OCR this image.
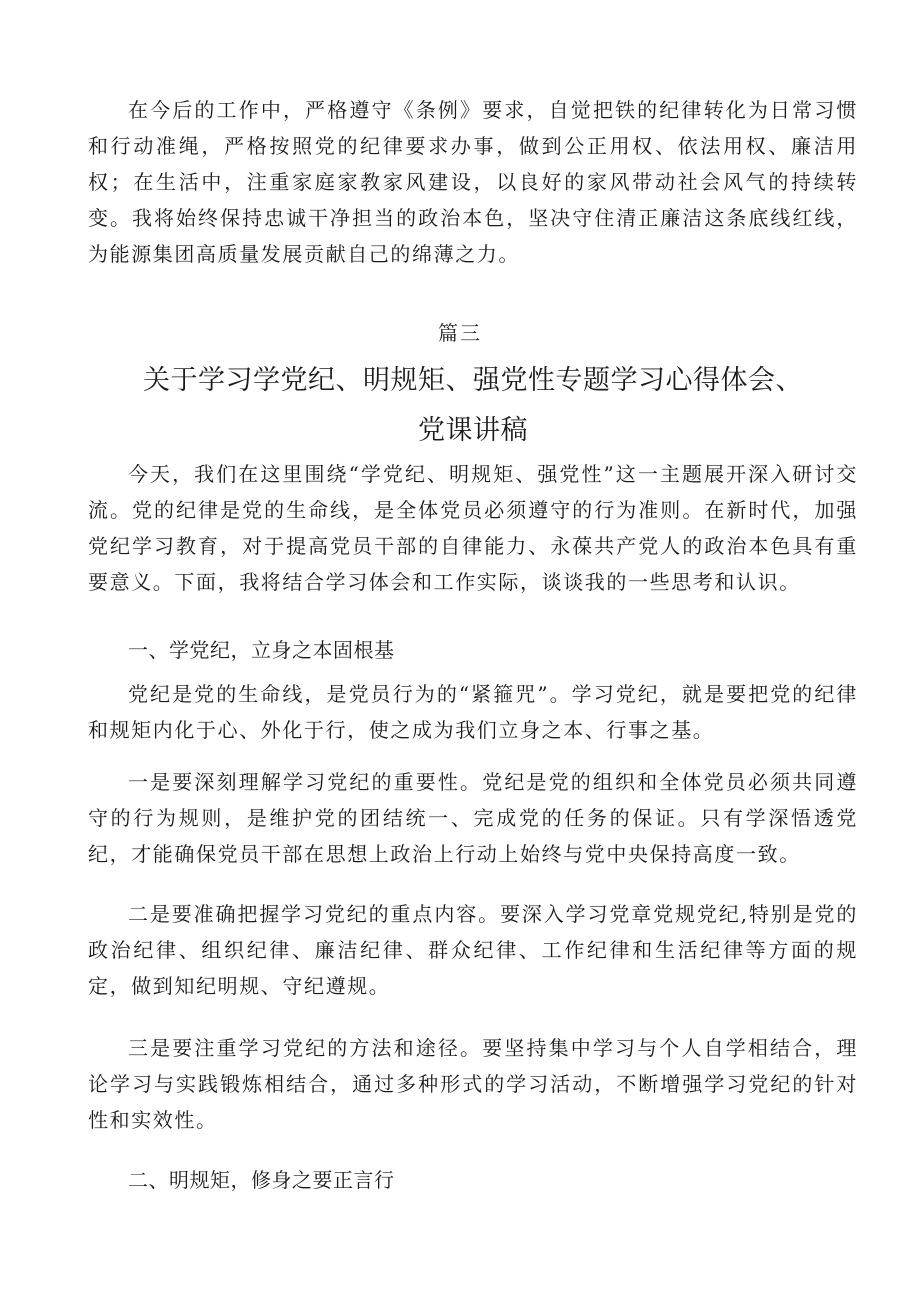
在今后的工作中，严格遵守《条例》要求，自觉把铁的纪律转化为日常习惯和行动准绳，严格按照党的纪律要求办事，做到公正用权、依法用权、廉洁用权；在生活中，注重家庭家教家风建设，以良好的家风带动社会风气的持续转变。我将始终保持忠诚干净担当的政治本色，坚决守住清正廉洁这条底线红线，为能源集团高质量发展贡献自己的绵薄之力。

篇三

关于学习学党纪、明规矩、强党性专题学习心得体会、
党课讲稿

今天，我们在这里围绕“学党纪、明规矩、强党性”这一主题展开深入研讨交流。党的纪律是党的生命线，是全体党员必须遵守的行为准则。在新时代，加强党纪学习教育，对于提高党员干部的自律能力、永葆共产党人的政治本色具有重要意义。下面，我将结合学习体会和工作实际，谈谈我的一些思考和认识。

一、学党纪，立身之本固根基

党纪是党的生命线，是党员行为的“紧箍咒”。学习党纪，就是要把党的纪律和规矩内化于心、外化于行，使之成为我们立身之本、行事之基。

一是要深刻理解学习党纪的重要性。党纪是党的组织和全体党员必须共同遵守的行为规则，是维护党的团结统一、完成党的任务的保证。只有学深悟透党纪，才能确保党员干部在思想上政治上行动上始终与党中央保持高度一致。

二是要准确把握学习党纪的重点内容。要深入学习党章党规党纪,特别是党的政治纪律、组织纪律、廉洁纪律、群众纪律、工作纪律和生活纪律等方面的规定，做到知纪明规、守纪遵规。

三是要注重学习党纪的方法和途径。要坚持集中学习与个人自学相结合，理论学习与实践锻炼相结合，通过多种形式的学习活动，不断增强学习党纪的针对性和实效性。

二、明规矩，修身之要正言行
